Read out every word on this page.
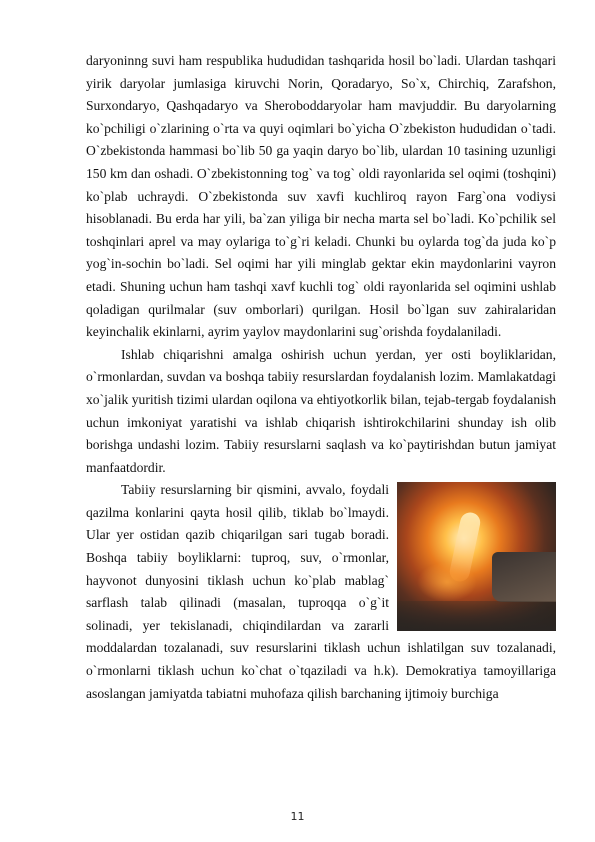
daryoninng suvi ham respublika hududidan tashqarida hosil bo`ladi. Ulardan tashqari yirik daryolar jumlasiga kiruvchi Norin, Qoradaryo, So`x, Chirchiq, Zarafshon, Surxondaryo, Qashqadaryo va Sheroboddaryolar ham mavjuddir. Bu daryolarning ko`pchiligi o`zlarining o`rta va quyi oqimlari bo`yicha O`zbekiston hududidan o`tadi. O`zbekistonda hammasi bo`lib 50 ga yaqin daryo bo`lib, ulardan 10 tasining uzunligi 150 km dan oshadi. O`zbekistonning tog` va tog` oldi rayonlarida sel oqimi (toshqini) ko`plab uchraydi. O`zbekistonda suv xavfi kuchliroq rayon Farg`ona vodiysi hisoblanadi. Bu erda har yili, ba`zan yiliga bir necha marta sel bo`ladi. Ko`pchilik sel toshqinlari aprel va may oylariga to`g`ri keladi. Chunki bu oylarda tog`da juda ko`p yog`in-sochin bo`ladi. Sel oqimi har yili minglab gektar ekin maydonlarini vayron etadi. Shuning uchun ham tashqi xavf kuchli tog` oldi rayonlarida sel oqimini ushlab qoladigan qurilmalar (suv omborlari) qurilgan. Hosil bo`lgan suv zahiralaridan keyinchalik ekinlarni, ayrim yaylov maydonlarini sug`orishda foydalaniladi.

Ishlab chiqarishni amalga oshirish uchun yerdan, yer osti boyliklaridan, o`rmonlardan, suvdan va boshqa tabiiy resurslardan foydalanish lozim. Mamlakatdagi xo`jalik yuritish tizimi ulardan oqilona va ehtiyotkorlik bilan, tejab-tergab foydalanish uchun imkoniyat yaratishi va ishlab chiqarish ishtirokchilarini shunday ish olib borishga undashi lozim. Tabiiy resurslarni saqlash va ko`paytirishdan butun jamiyat manfaatdordir.

Tabiiy resurslarning bir qismini, avvalo, foydali qazilma konlarini qayta hosil qilib, tiklab bo`lmaydi. Ular yer ostidan qazib chiqarilgan sari tugab boradi. Boshqa tabiiy boyliklarni: tuproq, suv, o`rmonlar, hayvonot dunyosini tiklash uchun ko`plab mablag` sarflash talab qilinadi (masalan, tuproqqa o`g`it solinadi, yer tekislanadi, chiqindilardan va zararli moddalardan tozalanadi, suv resurslarini tiklash uchun ishlatilgan suv tozalanadi, o`rmonlarni tiklash uchun ko`chat o`tqaziladi va h.k). Demokratiya tamoyillariga asoslangan jamiyatda tabiatni muhofaza qilish barchaning ijtimoiy burchiga

11
